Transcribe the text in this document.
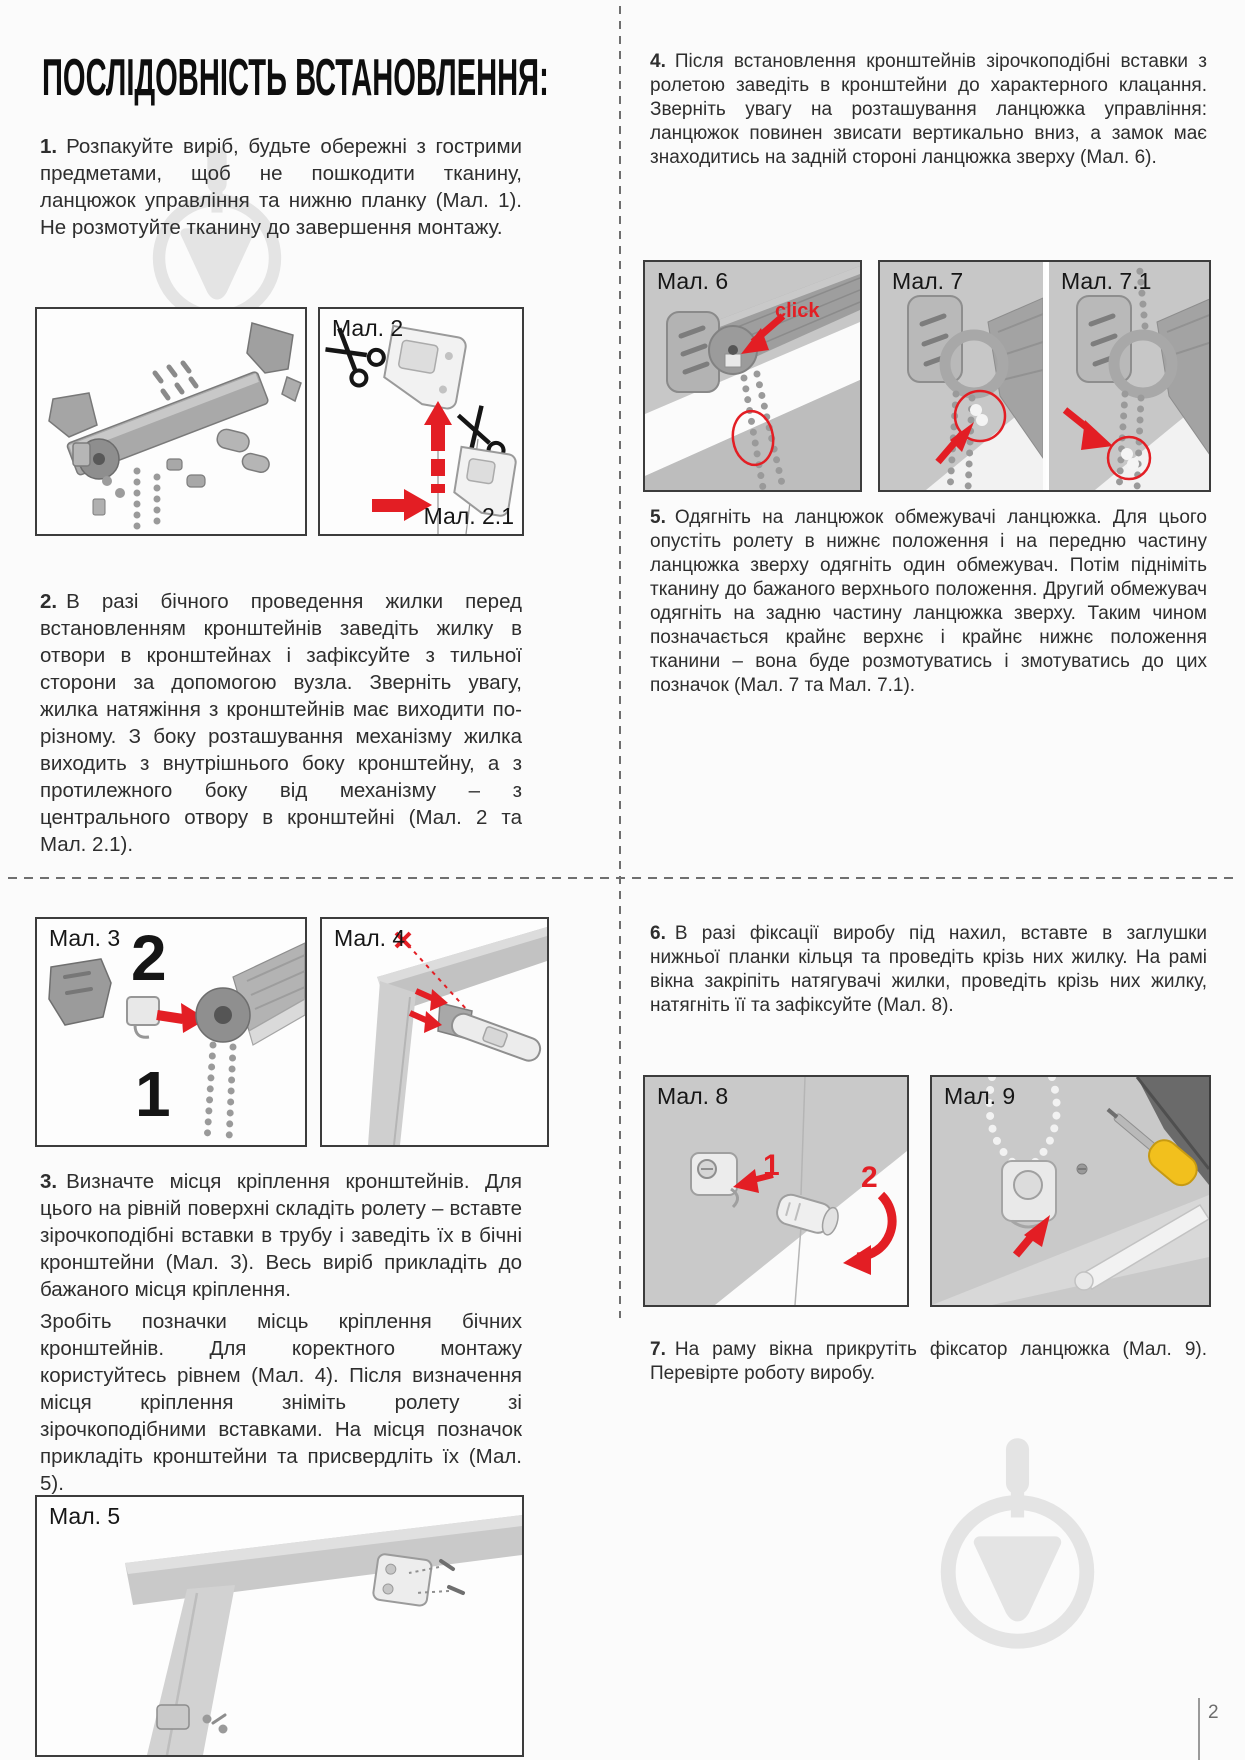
ПОСЛІДОВНІСТЬ ВСТАНОВЛЕННЯ:

1. Розпакуйте виріб, будьте обережні з гострими предметами, щоб не пошкодити тканину, ланцюжок управління та нижню планку (Мал. 1). Не розмотуйте тканину до завершення монтажу.

2. В разі бічного проведення жилки перед встановленням кронштейнів заведіть жилку в отвори в кронштейнах і зафіксуйте з тильної сторони за допомогою вузла. Зверніть увагу, жилка натяжіння з кронштейнів має виходити по-різному. З боку розташування механізму жилка виходить з внутрішнього боку кронштейну, а з протилежного боку від механізму – з центрального отвору в кронштейні (Мал. 2 та Мал. 2.1).

3. Визначте місця кріплення кронштейнів. Для цього на рівній поверхні складіть ролету – вставте зірочкоподібні вставки в трубу і заведіть їх в бічні кронштейни (Мал. 3). Весь виріб прикладіть до бажаного місця кріплення.

Зробіть позначки місць кріплення бічних кронштейнів. Для коректного монтажу користуйтесь рівнем (Мал. 4). Після визначення місця кріплення зніміть ролету зі зірочкоподібними вставками. На місця позначок прикладіть кронштейни та присвердліть їх (Мал. 5).

4. Після встановлення кронштейнів зірочкоподібні вставки з ролетою заведіть в кронштейни до характерного клацання. Зверніть увагу на розташування ланцюжка управління: ланцюжок повинен звисати вертикально вниз, а замок має знаходитись на задній стороні ланцюжка зверху (Мал. 6).

5. Одягніть на ланцюжок обмежувачі ланцюжка. Для цього опустіть ролету в нижнє положення і на передню частину ланцюжка зверху одягніть один обмежувач. Потім підніміть тканину до бажаного верхнього положення. Другий обмежувач одягніть на задню частину ланцюжка зверху. Таким чином позначається крайнє верхнє і крайнє нижнє положення тканини – вона буде розмотуватись і змотуватись до цих позначок (Мал. 7 та Мал. 7.1).

6. В разі фіксації виробу під нахил, вставте в заглушки нижньої планки кільця та проведіть крізь них жилку. На рамі вікна закріпіть натягувачі жилки, проведіть крізь них жилку, натягніть її та зафіксуйте (Мал. 8).

7. На раму вікна прикрутіть фіксатор ланцюжка (Мал. 9). Перевірте роботу виробу.

Мал. 2
Мал. 2.1
2
1
Мал. 3	Мал. 4
Мал. 5
click
Мал. 6	Мал. 7	Мал. 7.1
1	2
Мал. 8	Мал. 9
2
